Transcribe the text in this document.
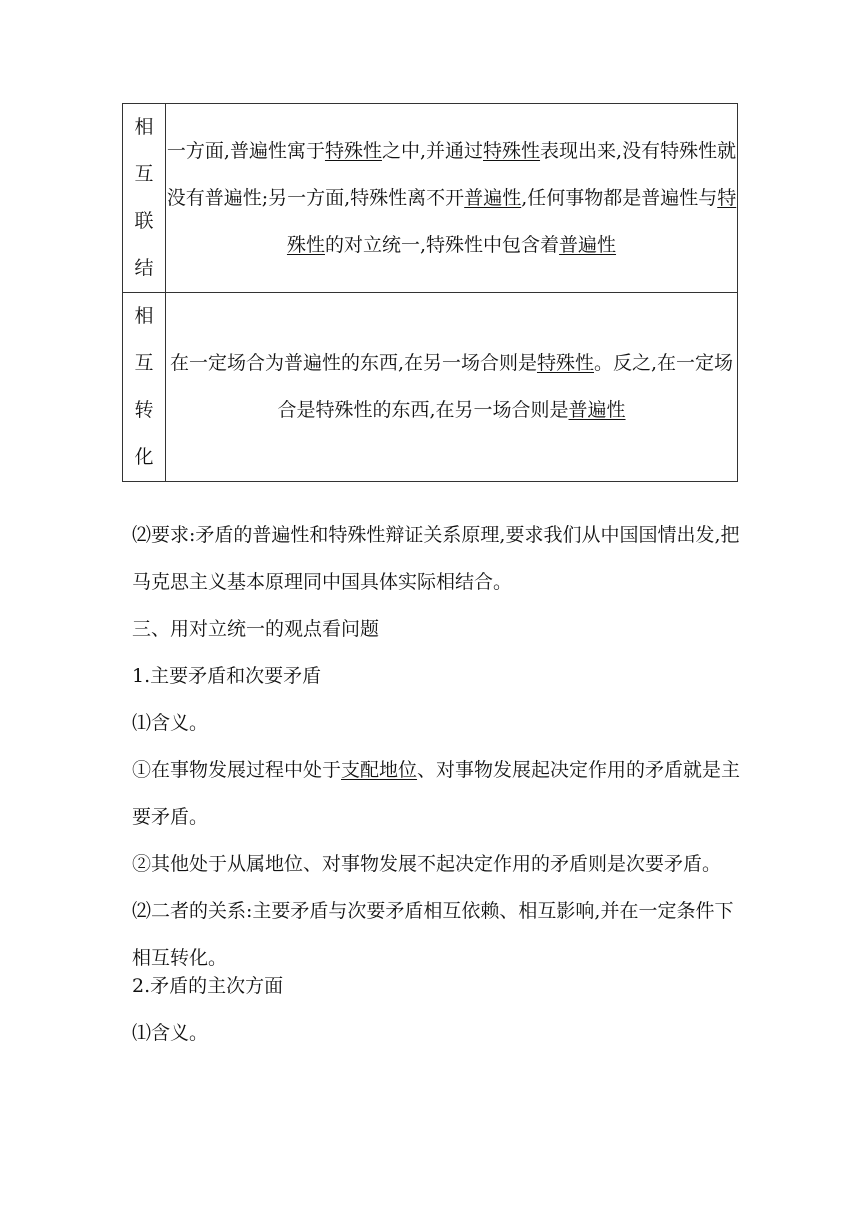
相
互
联
结	一方面,普遍性寓于特殊性之中,并通过特殊性表现出来,没有特殊性就没有普遍性;另一方面,特殊性离不开普遍性,任何事物都是普遍性与特殊性的对立统一,特殊性中包含着普遍性

相
互
转
化	在一定场合为普遍性的东西,在另一场合则是特殊性。反之,在一定场合是特殊性的东西,在另一场合则是普遍性

⑵要求:矛盾的普遍性和特殊性辩证关系原理,要求我们从中国国情出发,把马克思主义基本原理同中国具体实际相结合。

三、用对立统一的观点看问题

1.主要矛盾和次要矛盾

⑴含义。

①在事物发展过程中处于支配地位、对事物发展起决定作用的矛盾就是主要矛盾。

②其他处于从属地位、对事物发展不起决定作用的矛盾则是次要矛盾。

⑵二者的关系:主要矛盾与次要矛盾相互依赖、相互影响,并在一定条件下相互转化。

2.矛盾的主次方面

⑴含义。
